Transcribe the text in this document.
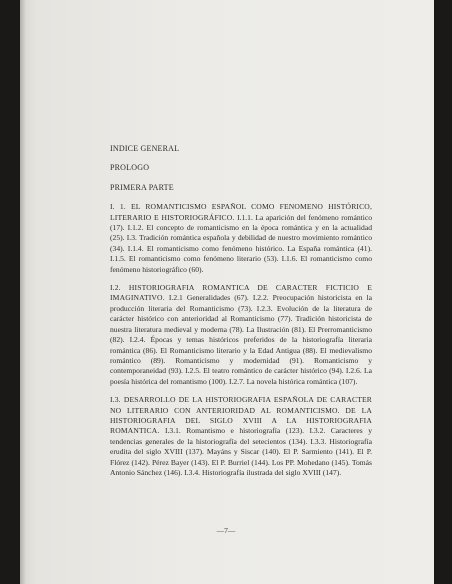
INDICE GENERAL
PROLOGO
PRIMERA PARTE
I. 1. EL ROMANTICISMO ESPAÑOL COMO FENOMENO HISTÓRICO, LITERARIO E HISTORIOGRÁFICO. I.1.1. La aparición del fenómeno romántico (17). I.1.2. El concepto de romanticismo en la época romántica y en la actualidad (25). I.3. Tradición romántica española y debilidad de nuestro movimiento romántico (34). I.1.4. El romanticismo como fenómeno histórico. La España romántica (41). I.1.5. El romanticismo como fenómeno literario (53). I.1.6. El romanticismo como fenómeno historiográfico (60).
I.2. HISTORIOGRAFIA ROMANTICA DE CARACTER FICTICIO E IMAGINATIVO. I.2.1 Generalidades (67). I.2.2. Preocupación historicista en la producción literaria del Romanticismo (73). I.2.3. Evolución de la literatura de carácter histórico con anterioridad al Romanticismo (77). Tradición historicista de nuestra literatura medieval y moderna (78). La Ilustración (81). El Prerromanticismo (82). I.2.4. Épocas y temas históricos preferidos de la historiografía literaria romántica (86). El Romanticismo literario y la Edad Antigua (88). El medievalismo romántico (89). Romanticismo y modernidad (91). Romanticismo y contemporaneidad (93). I.2.5. El teatro romántico de carácter histórico (94). I.2.6. La poesía histórica del romantismo (100). I.2.7. La novela histórica romántica (107).
I.3. DESARROLLO DE LA HISTORIOGRAFIA ESPAÑOLA DE CARACTER NO LITERARIO CON ANTERIORIDAD AL ROMANTICISMO. DE LA HISTORIOGRAFIA DEL SIGLO XVIII A LA HISTORIOGRAFIA ROMANTICA. I.3.1. Romantismo e historiografía (123). I.3.2. Caracteres y tendencias generales de la historiografía del setecientos (134). I.3.3. Historiografía erudita del siglo XVIII (137). Mayáns y Siscar (140). El P. Sarmiento (141). El P. Flórez (142). Pérez Bayer (143). El P. Burriel (144). Los PP. Mohedano (145). Tomás Antonio Sánchez (146). I.3.4. Historiografía ilustrada del siglo XVIII (147).
—7—
